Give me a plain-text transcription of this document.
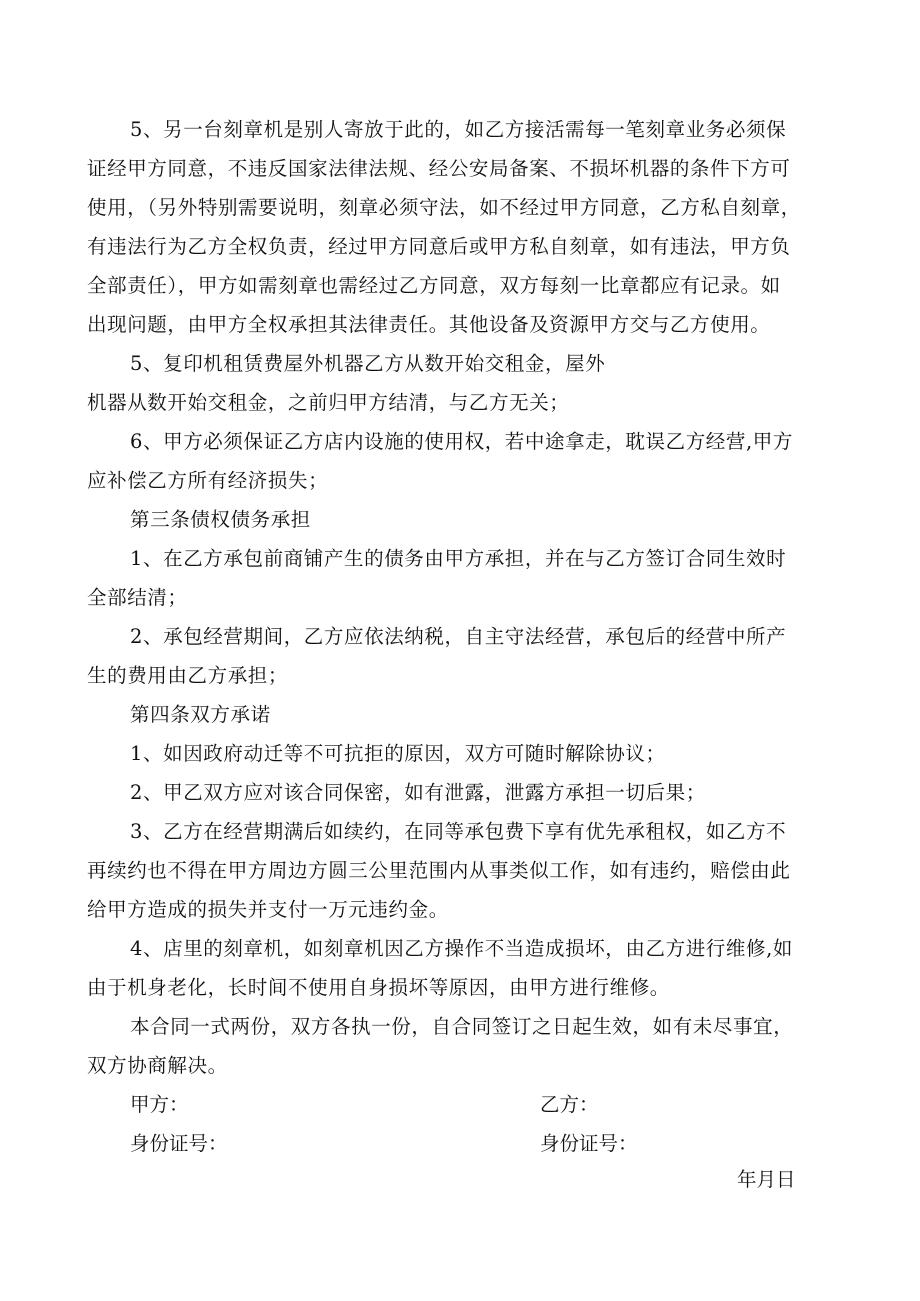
5、另一台刻章机是别人寄放于此的，如乙方接活需每一笔刻章业务必须保
证经甲方同意，不违反国家法律法规、经公安局备案、不损坏机器的条件下方可
使用，（另外特别需要说明，刻章必须守法，如不经过甲方同意，乙方私自刻章，
有违法行为乙方全权负责，经过甲方同意后或甲方私自刻章，如有违法，甲方负
全部责任），甲方如需刻章也需经过乙方同意，双方每刻一比章都应有记录。如
出现问题，由甲方全权承担其法律责任。其他设备及资源甲方交与乙方使用。
5、复印机租赁费屋外机器乙方从数开始交租金，屋外
机器从数开始交租金，之前归甲方结清，与乙方无关；
6、甲方必须保证乙方店内设施的使用权，若中途拿走，耽误乙方经营,甲方
应补偿乙方所有经济损失；
第三条债权债务承担
1、在乙方承包前商铺产生的债务由甲方承担，并在与乙方签订合同生效时
全部结清；
2、承包经营期间，乙方应依法纳税，自主守法经营，承包后的经营中所产
生的费用由乙方承担；
第四条双方承诺
1、如因政府动迁等不可抗拒的原因，双方可随时解除协议；
2、甲乙双方应对该合同保密，如有泄露，泄露方承担一切后果；
3、乙方在经营期满后如续约，在同等承包费下享有优先承租权，如乙方不
再续约也不得在甲方周边方圆三公里范围内从事类似工作，如有违约，赔偿由此
给甲方造成的损失并支付一万元违约金。
4、店里的刻章机，如刻章机因乙方操作不当造成损坏，由乙方进行维修,如
由于机身老化，长时间不使用自身损坏等原因，由甲方进行维修。
本合同一式两份，双方各执一份，自合同签订之日起生效，如有未尽事宜，
双方协商解决。
甲方：	乙方：
身份证号：	身份证号：
年月日
